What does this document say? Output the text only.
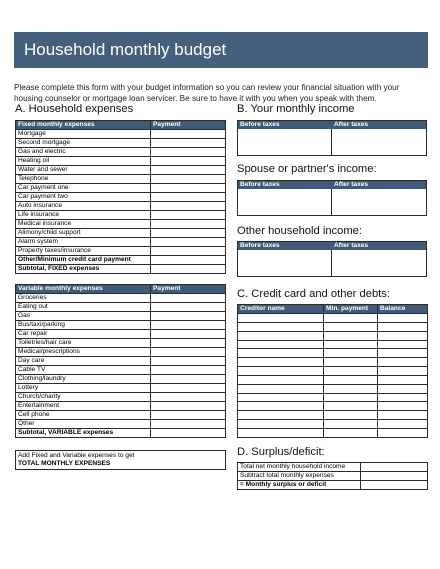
Household monthly budget

Please complete this form with your budget information so you can review your financial situation with your housing counselor or mortgage loan servicer. Be sure to have it with you when you speak with them.

A. Household expenses
Fixed monthly expenses	Payment
Mortgage	
Second mortgage	
Gas and electric	
Heating oil	
Water and sewer	
Telephone	
Car payment one	
Car payment two	
Auto insurance	
Life insurance	
Medical insurance	
Alimony/child support	
Alarm system	
Property taxes/insurance	
Other/Minimum credit card payment	
Subtotal, FIXED expenses	
Variable monthly expenses	Payment
Groceries	
Eating out	
Gas	
Bus/taxi/parking	
Car repair	
Toiletries/hair care	
Medical/prescriptions	
Day care	
Cable TV	
Clothing/laundry	
Lottery	
Church/charity	
Entertainment	
Cell phone	
Other	
Subtotal, VARIABLE expenses	
Add Fixed and Variable expenses to get
TOTAL MONTHLY EXPENSES	
B. Your monthly income
Before taxes	After taxes
Spouse or partner's income:
Before taxes	After taxes
Other household income:
Before taxes	After taxes
C. Credit card and other debts:
Creditor name	Min. payment	Balance

D. Surplus/deficit:
Total net monthly household income	
Subtract total monthly expenses	
= Monthly surplus or deficit	
